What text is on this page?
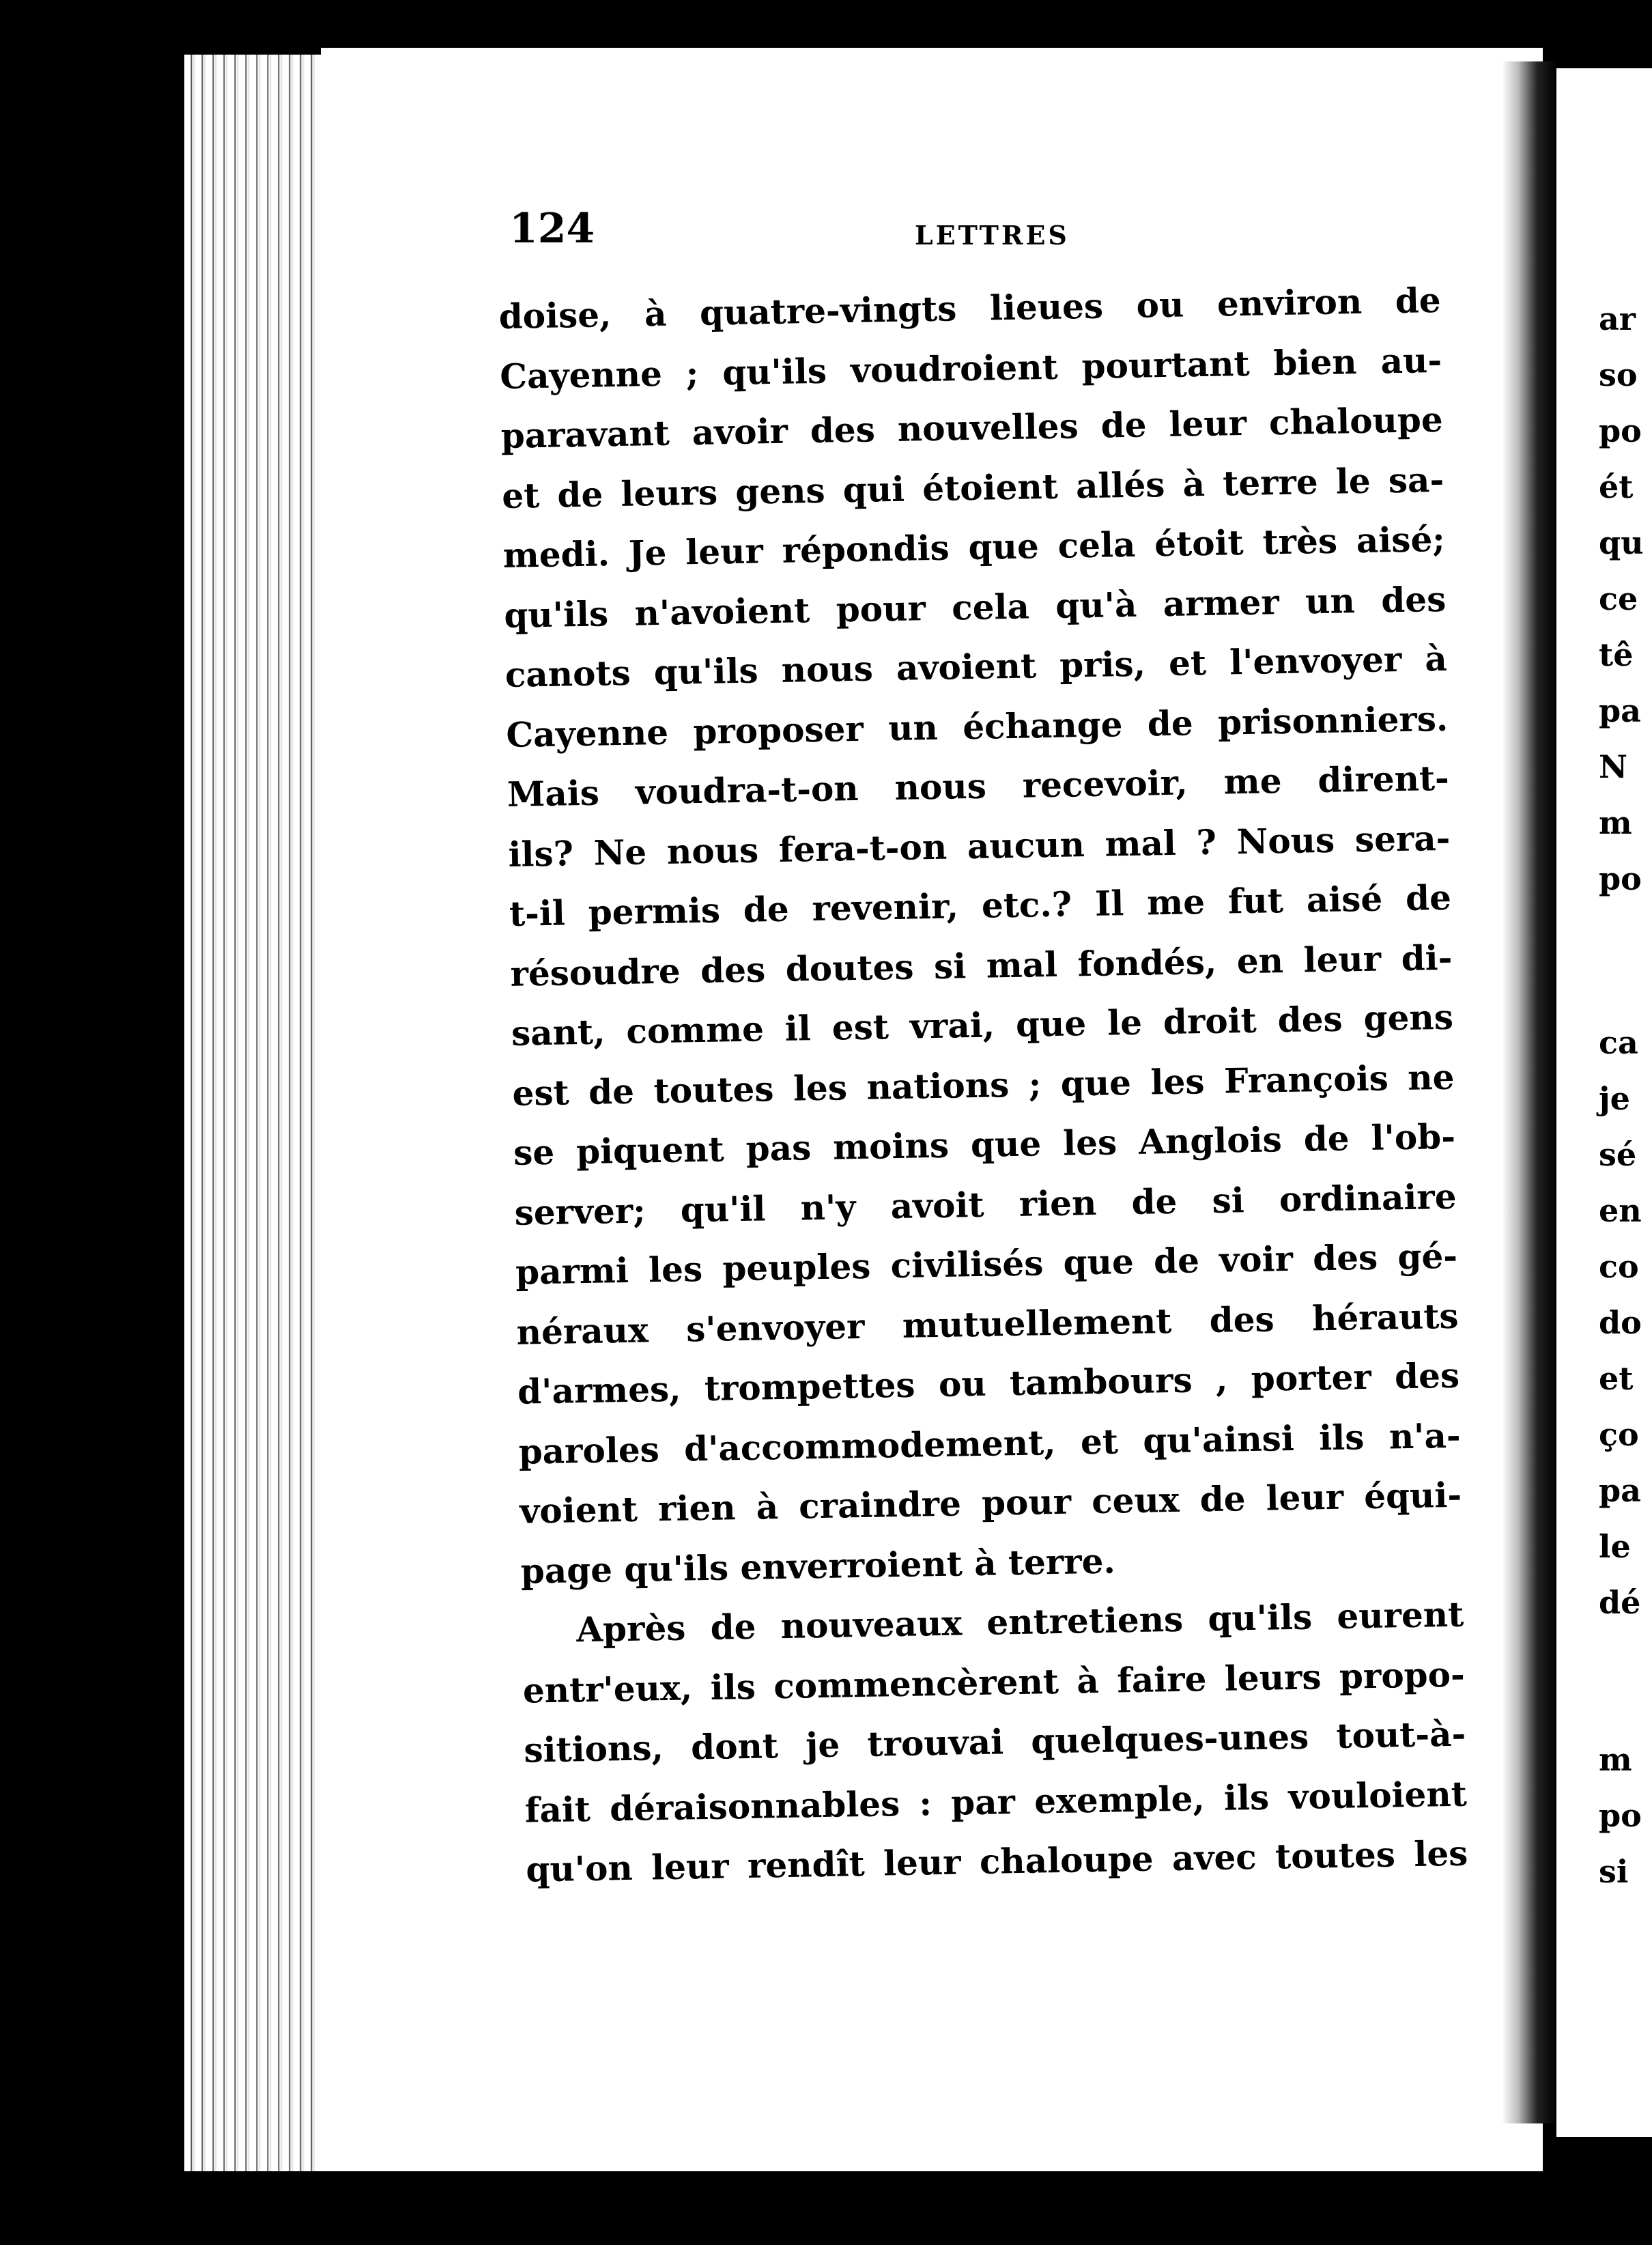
124	LETTRES
doise, à quatre-vingts lieues ou environ de
Cayenne ; qu'ils voudroient pourtant bien au-
paravant avoir des nouvelles de leur chaloupe
et de leurs gens qui étoient allés à terre le sa-
medi. Je leur répondis que cela étoit très aisé;
qu'ils n'avoient pour cela qu'à armer un des
canots qu'ils nous avoient pris, et l'envoyer à
Cayenne proposer un échange de prisonniers.
Mais voudra-t-on nous recevoir, me dirent-
ils? Ne nous fera-t-on aucun mal ? Nous sera-
t-il permis de revenir, etc.? Il me fut aisé de
résoudre des doutes si mal fondés, en leur di-
sant, comme il est vrai, que le droit des gens
est de toutes les nations ; que les François ne
se piquent pas moins que les Anglois de l'ob-
server; qu'il n'y avoit rien de si ordinaire
parmi les peuples civilisés que de voir des gé-
néraux s'envoyer mutuellement des hérauts
d'armes, trompettes ou tambours , porter des
paroles d'accommodement, et qu'ainsi ils n'a-
voient rien à craindre pour ceux de leur équi-
page qu'ils enverroient à terre.
Après de nouveaux entretiens qu'ils eurent
entr'eux, ils commencèrent à faire leurs propo-
sitions, dont je trouvai quelques-unes tout-à-
fait déraisonnables : par exemple, ils vouloient
qu'on leur rendît leur chaloupe avec toutes les
ar
so
po
ét
qu
ce
tê
pa
N
m
po
ca
je
sé
en
co
do
et
ço
pa
le
dé
m
po
si
